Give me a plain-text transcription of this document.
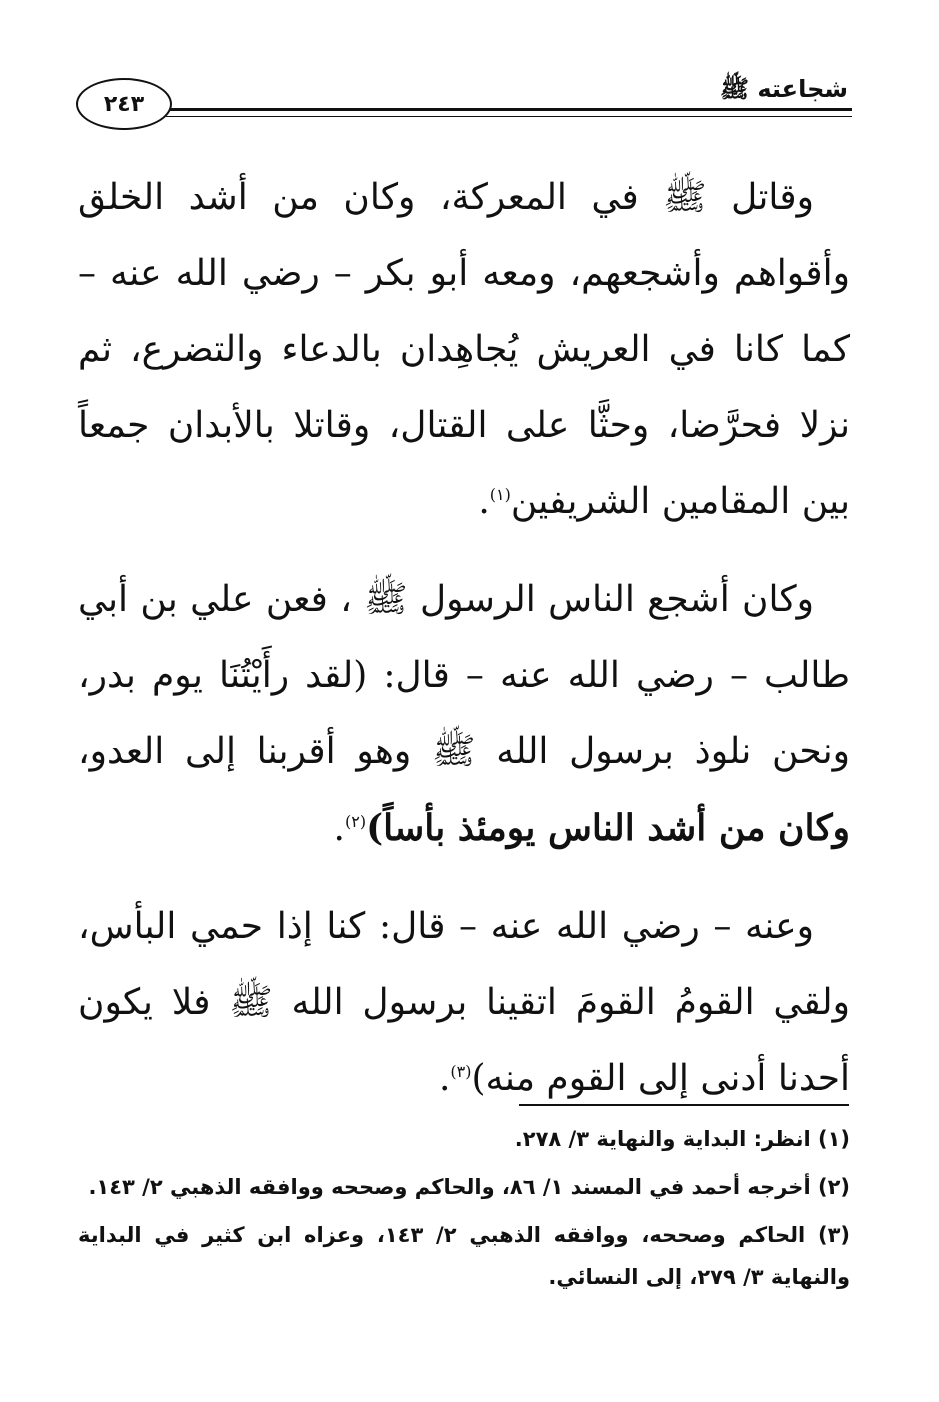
٢٤٣
شجاعته ﷺ

وقاتل ﷺ في المعركة، وكان من أشد الخلق وأقواهم وأشجعهم، ومعه أبو بكر – رضي الله عنه – كما كانا في العريش يُجاهِدان بالدعاء والتضرع، ثم نزلا فحرَّضا، وحثَّا على القتال، وقاتلا بالأبدان جمعاً بين المقامين الشريفين$^{(١)}$.

وكان أشجع الناس الرسول ﷺ ، فعن علي بن أبي طالب – رضي الله عنه – قال: (لقد رأَيْتُنَا يوم بدر، ونحن نلوذ برسول الله ﷺ وهو أقربنا إلى العدو، وكان من أشد الناس يومئذ بأساً)$^{(٢)}$.

وعنه – رضي الله عنه – قال: كنا إذا حمي البأس، ولقي القومُ القومَ اتقينا برسول الله ﷺ فلا يكون أحدنا أدنى إلى القوم منه)$^{(٣)}$.

(١) انظر: البداية والنهاية ٣/ ٢٧٨.

(٢) أخرجه أحمد في المسند ١/ ٨٦، والحاكم وصححه ووافقه الذهبي ٢/ ١٤٣.

(٣) الحاكم وصححه، ووافقه الذهبي ٢/ ١٤٣، وعزاه ابن كثير في البداية والنهاية ٣/ ٢٧٩، إلى النسائي.
